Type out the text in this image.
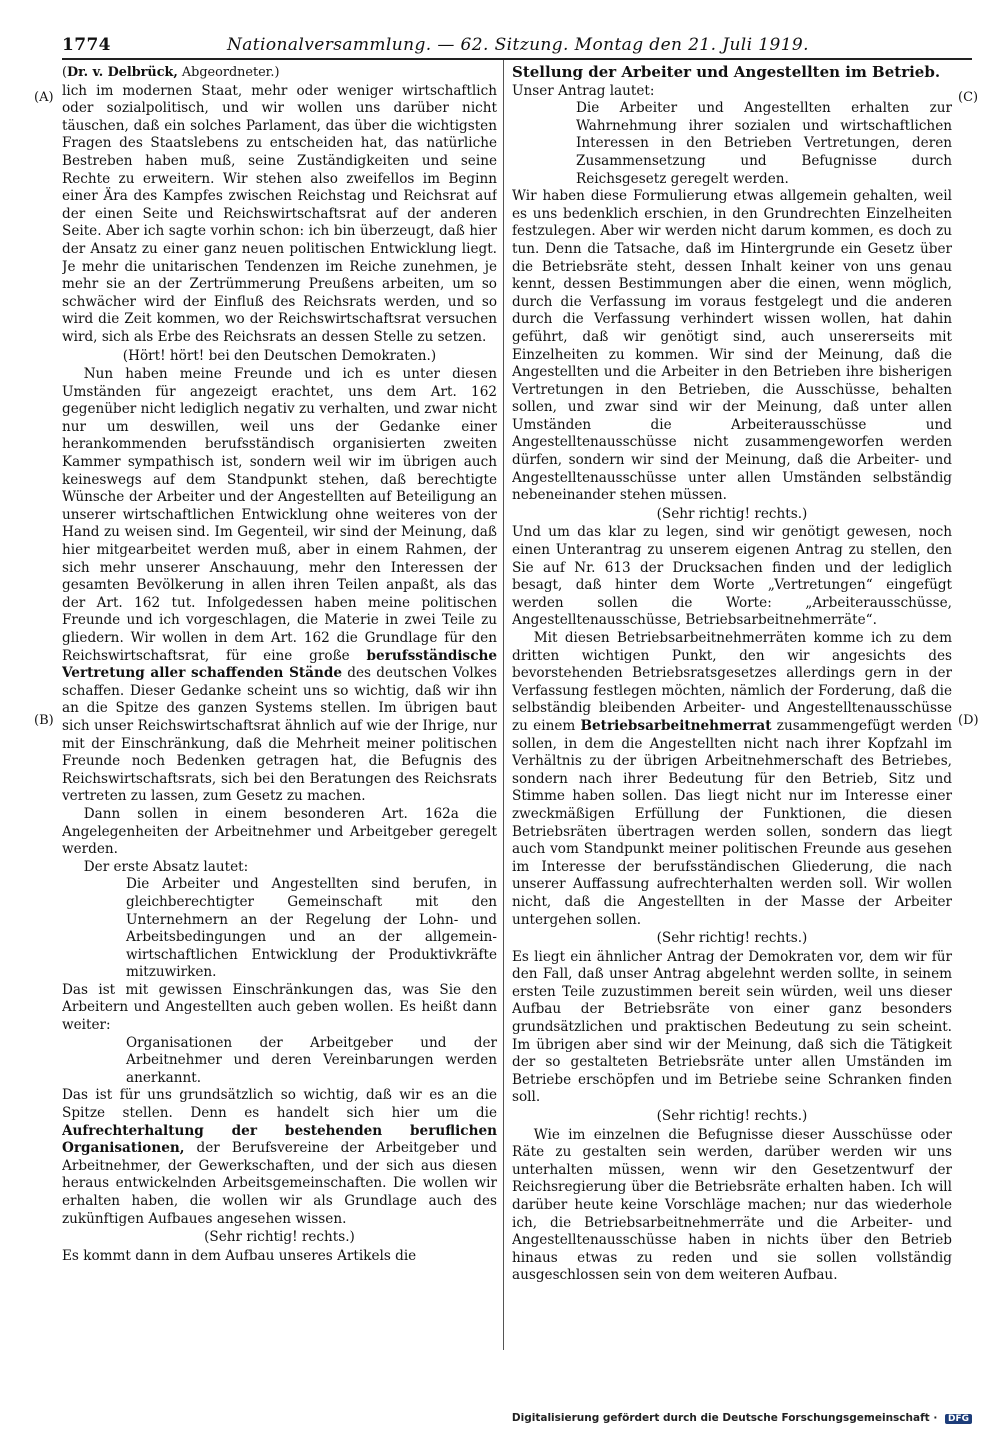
1774	Nationalversammlung. — 62. Sitzung. Montag den 21. Juli 1919.
(A)
(B)
(C)
(D)
(Dr. v. Delbrück, Abgeordneter.)

lich im modernen Staat, mehr oder weniger wirtschaftlich oder sozialpolitisch, und wir wollen uns darüber nicht täuschen, daß ein solches Parlament, das über die wichtigsten Fragen des Staatslebens zu entscheiden hat, das natürliche Bestreben haben muß, seine Zuständigkeiten und seine Rechte zu erweitern. Wir stehen also zweifellos im Beginn einer Ära des Kampfes zwischen Reichstag und Reichsrat auf der einen Seite und Reichswirtschaftsrat auf der anderen Seite. Aber ich sagte vorhin schon: ich bin überzeugt, daß hier der Ansatz zu einer ganz neuen politischen Entwicklung liegt. Je mehr die unitarischen Tendenzen im Reiche zunehmen, je mehr sie an der Zertrümmerung Preußens arbeiten, um so schwächer wird der Einfluß des Reichsrats werden, und so wird die Zeit kommen, wo der Reichswirtschaftsrat versuchen wird, sich als Erbe des Reichsrats an dessen Stelle zu setzen.

(Hört! hört! bei den Deutschen Demokraten.)

Nun haben meine Freunde und ich es unter diesen Umständen für angezeigt erachtet, uns dem Art. 162 gegenüber nicht lediglich negativ zu verhalten, und zwar nicht nur um deswillen, weil uns der Gedanke einer herankommenden berufsständisch organisierten zweiten Kammer sympathisch ist, sondern weil wir im übrigen auch keineswegs auf dem Standpunkt stehen, daß berechtigte Wünsche der Arbeiter und der Angestellten auf Beteiligung an unserer wirtschaftlichen Entwicklung ohne weiteres von der Hand zu weisen sind. Im Gegenteil, wir sind der Meinung, daß hier mitgearbeitet werden muß, aber in einem Rahmen, der sich mehr unserer Anschauung, mehr den Interessen der gesamten Bevölkerung in allen ihren Teilen anpaßt, als das der Art. 162 tut. Infolgedessen haben meine politischen Freunde und ich vorgeschlagen, die Materie in zwei Teile zu gliedern. Wir wollen in dem Art. 162 die Grundlage für den Reichswirtschaftsrat, für eine große berufsständische Vertretung aller schaffenden Stände des deutschen Volkes schaffen. Dieser Gedanke scheint uns so wichtig, daß wir ihn an die Spitze des ganzen Systems stellen. Im übrigen baut sich unser Reichswirtschaftsrat ähnlich auf wie der Ihrige, nur mit der Einschränkung, daß die Mehrheit meiner politischen Freunde noch Bedenken getragen hat, die Befugnis des Reichswirtschaftsrats, sich bei den Beratungen des Reichsrats vertreten zu lassen, zum Gesetz zu machen.

Dann sollen in einem besonderen Art. 162a die Angelegenheiten der Arbeitnehmer und Arbeitgeber geregelt werden.

Der erste Absatz lautet:

Die Arbeiter und Angestellten sind berufen, in gleichberechtigter Gemeinschaft mit den Unternehmern an der Regelung der Lohn- und Arbeitsbedingungen und an der allgemein-wirtschaftlichen Entwicklung der Produktivkräfte mitzuwirken.

Das ist mit gewissen Einschränkungen das, was Sie den Arbeitern und Angestellten auch geben wollen. Es heißt dann weiter:

Organisationen der Arbeitgeber und der Arbeitnehmer und deren Vereinbarungen werden anerkannt.

Das ist für uns grundsätzlich so wichtig, daß wir es an die Spitze stellen. Denn es handelt sich hier um die Aufrechterhaltung der bestehenden beruflichen Organisationen, der Berufsvereine der Arbeitgeber und Arbeitnehmer, der Gewerkschaften, und der sich aus diesen heraus entwickelnden Arbeitsgemeinschaften. Die wollen wir erhalten haben, die wollen wir als Grundlage auch des zukünftigen Aufbaues angesehen wissen.

(Sehr richtig! rechts.)

Es kommt dann in dem Aufbau unseres Artikels die

Stellung der Arbeiter und Angestellten im Betrieb.

Unser Antrag lautet:

Die Arbeiter und Angestellten erhalten zur Wahrnehmung ihrer sozialen und wirtschaftlichen Interessen in den Betrieben Vertretungen, deren Zusammensetzung und Befugnisse durch Reichsgesetz geregelt werden.

Wir haben diese Formulierung etwas allgemein gehalten, weil es uns bedenklich erschien, in den Grundrechten Einzelheiten festzulegen. Aber wir werden nicht darum kommen, es doch zu tun. Denn die Tatsache, daß im Hintergrunde ein Gesetz über die Betriebsräte steht, dessen Inhalt keiner von uns genau kennt, dessen Bestimmungen aber die einen, wenn möglich, durch die Verfassung im voraus festgelegt und die anderen durch die Verfassung verhindert wissen wollen, hat dahin geführt, daß wir genötigt sind, auch unsererseits mit Einzelheiten zu kommen. Wir sind der Meinung, daß die Angestellten und die Arbeiter in den Betrieben ihre bisherigen Vertretungen in den Betrieben, die Ausschüsse, behalten sollen, und zwar sind wir der Meinung, daß unter allen Umständen die Arbeiterausschüsse und Angestelltenausschüsse nicht zusammengeworfen werden dürfen, sondern wir sind der Meinung, daß die Arbeiter- und Angestelltenausschüsse unter allen Umständen selbständig nebeneinander stehen müssen.

(Sehr richtig! rechts.)

Und um das klar zu legen, sind wir genötigt gewesen, noch einen Unterantrag zu unserem eigenen Antrag zu stellen, den Sie auf Nr. 613 der Drucksachen finden und der lediglich besagt, daß hinter dem Worte „Vertretungen“ eingefügt werden sollen die Worte: „Arbeiterausschüsse, Angestelltenausschüsse, Betriebsarbeitnehmerräte“.

Mit diesen Betriebsarbeitnehmerräten komme ich zu dem dritten wichtigen Punkt, den wir angesichts des bevorstehenden Betriebsratsgesetzes allerdings gern in der Verfassung festlegen möchten, nämlich der Forderung, daß die selbständig bleibenden Arbeiter- und Angestelltenausschüsse zu einem Betriebsarbeitnehmerrat zusammengefügt werden sollen, in dem die Angestellten nicht nach ihrer Kopfzahl im Verhältnis zu der übrigen Arbeitnehmerschaft des Betriebes, sondern nach ihrer Bedeutung für den Betrieb, Sitz und Stimme haben sollen. Das liegt nicht nur im Interesse einer zweckmäßigen Erfüllung der Funktionen, die diesen Betriebsräten übertragen werden sollen, sondern das liegt auch vom Standpunkt meiner politischen Freunde aus gesehen im Interesse der berufsständischen Gliederung, die nach unserer Auffassung aufrechterhalten werden soll. Wir wollen nicht, daß die Angestellten in der Masse der Arbeiter untergehen sollen.

(Sehr richtig! rechts.)

Es liegt ein ähnlicher Antrag der Demokraten vor, dem wir für den Fall, daß unser Antrag abgelehnt werden sollte, in seinem ersten Teile zuzustimmen bereit sein würden, weil uns dieser Aufbau der Betriebsräte von einer ganz besonders grundsätzlichen und praktischen Bedeutung zu sein scheint. Im übrigen aber sind wir der Meinung, daß sich die Tätigkeit der so gestalteten Betriebsräte unter allen Umständen im Betriebe erschöpfen und im Betriebe seine Schranken finden soll.

(Sehr richtig! rechts.)

Wie im einzelnen die Befugnisse dieser Ausschüsse oder Räte zu gestalten sein werden, darüber werden wir uns unterhalten müssen, wenn wir den Gesetzentwurf der Reichsregierung über die Betriebsräte erhalten haben. Ich will darüber heute keine Vorschläge machen; nur das wiederhole ich, die Betriebsarbeitnehmerräte und die Arbeiter- und Angestelltenausschüsse haben in nichts über den Betrieb hinaus etwas zu reden und sie sollen vollständig ausgeschlossen sein von dem weiteren Aufbau.

Digitalisierung gefördert durch die Deutsche Forschungsgemeinschaft · DFG
